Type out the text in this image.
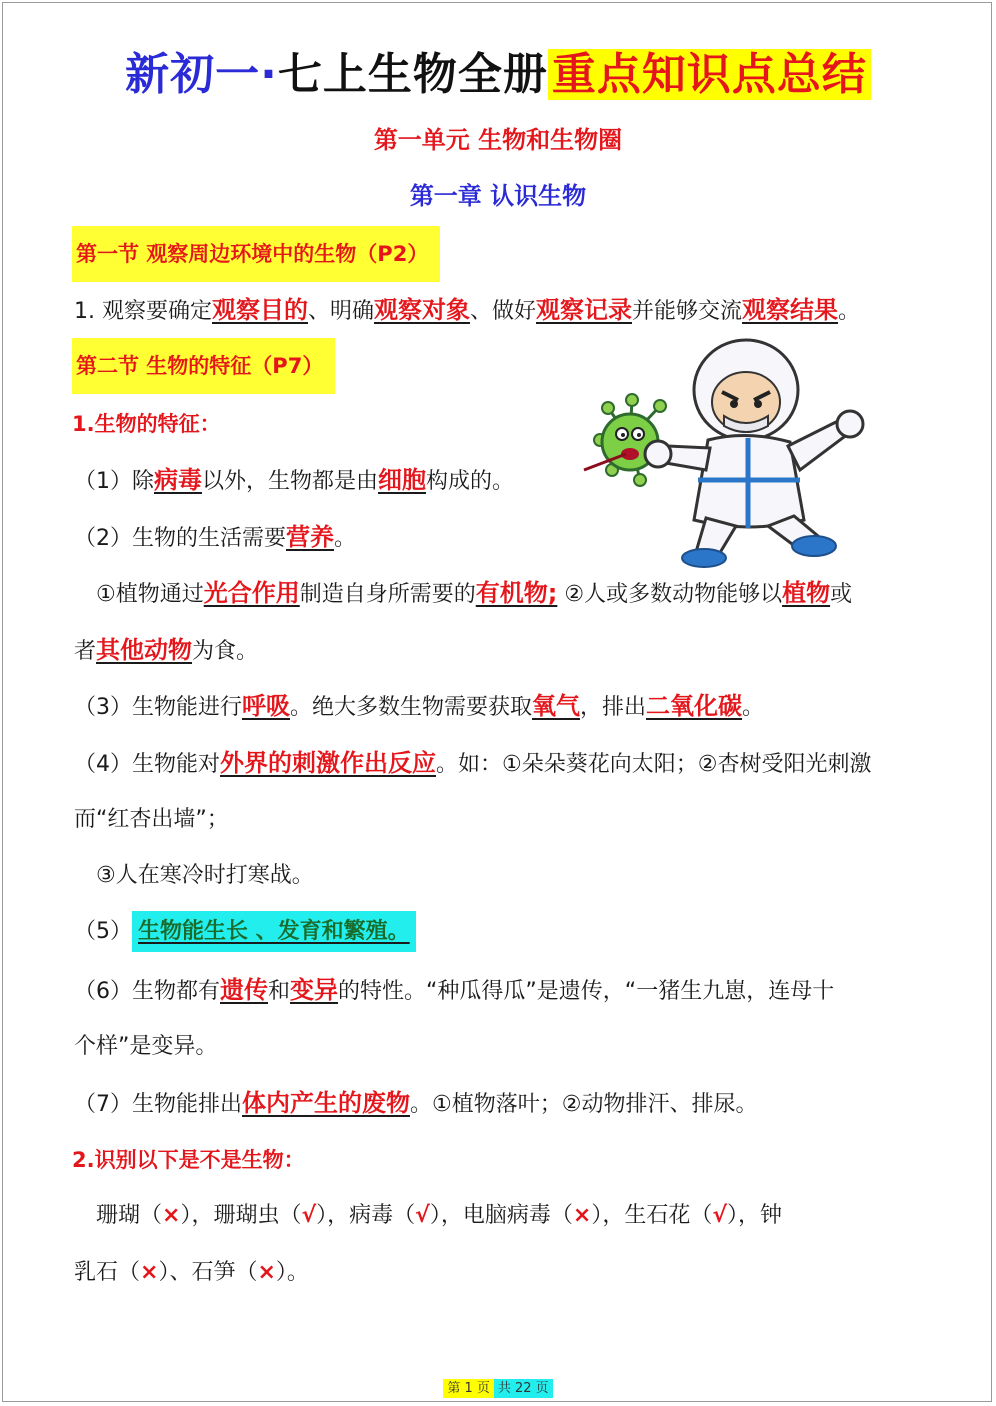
新初一·七上生物全册重点知识点总结
第一单元 生物和生物圈
第一章 认识生物
第一节 观察周边环境中的生物（P2）
1. 观察要确定观察目的、明确观察对象、做好观察记录并能够交流观察结果。
第二节 生物的特征（P7）
1.生物的特征：
（1）除病毒以外，生物都是由细胞构成的。
（2）生物的生活需要营养。
①植物通过光合作用制造自身所需要的有机物; ②人或多数动物能够以植物或
者其他动物为食。
（3）生物能进行呼吸。绝大多数生物需要获取氧气，排出二氧化碳。
（4）生物能对外界的刺激作出反应。如：①朵朵葵花向太阳；②杏树受阳光刺激
而“红杏出墙”；
③人在寒冷时打寒战。
（5） 生物能生长 、发育和繁殖。
（6）生物都有遗传和变异的特性。“种瓜得瓜”是遗传，“一猪生九崽，连母十
个样”是变异。
（7）生物能排出体内产生的废物。①植物落叶；②动物排汗、排尿。
2.识别以下是不是生物：
珊瑚（×），珊瑚虫（√），病毒（√），电脑病毒（×），生石花（√），钟
乳石（×）、石笋（×）。
第 1 页 共 22 页
